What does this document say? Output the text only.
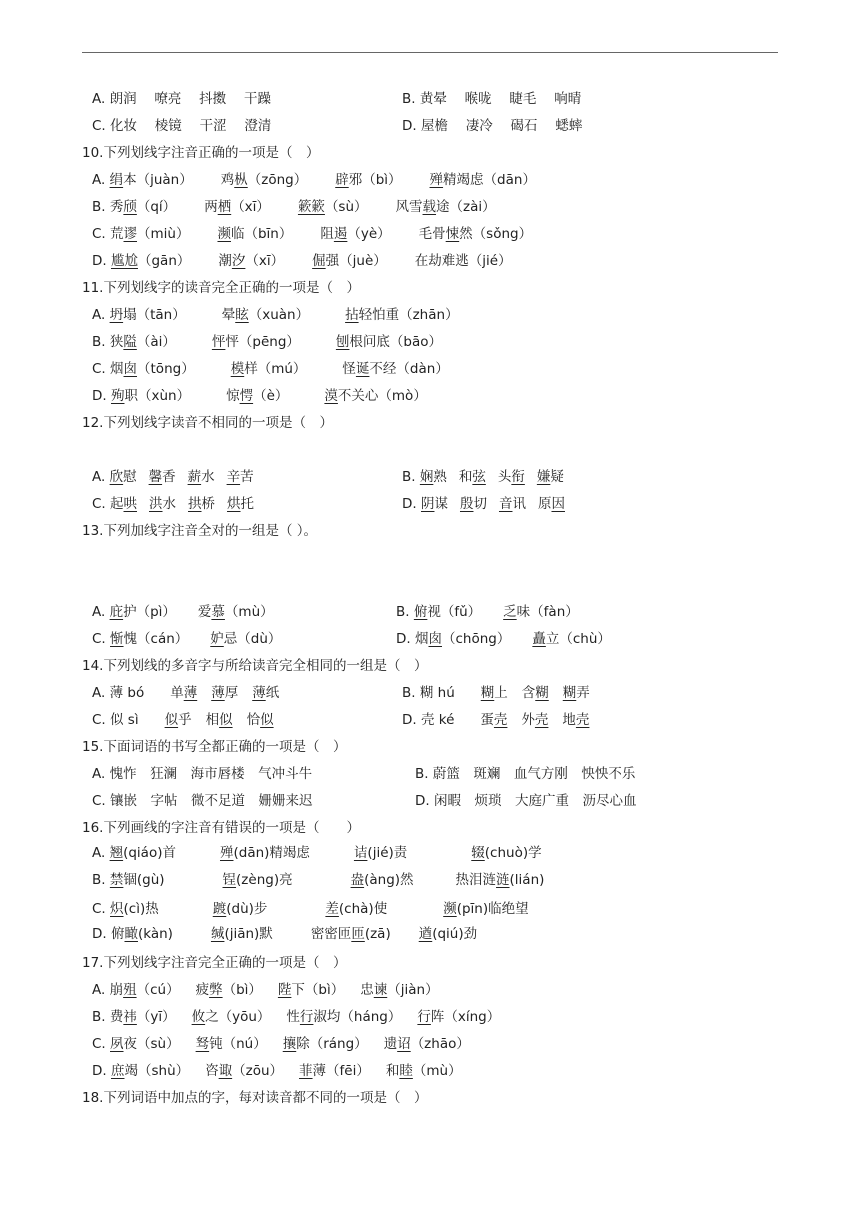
A. 朗润　 嘹亮　 抖擞　 干躁	B. 黄晕　 喉咙　 睫毛　 响晴
C. 化妆　 棱镜　 干涩　 澄清	D. 屋檐　 凄冷　 碣石　 蟋蟀
10.下列划线字注音正确的一项是（　）
A. 绢本（juàn） 鸡枞（zōng） 辟邪（bì） 殚精竭虑（dān）
B. 秀颀（qí） 两栖（xī） 簌簌（sù） 风雪载途（zài）
C. 荒谬（miù） 濒临（bīn） 阻遏（yè） 毛骨悚然（sǒng）
D. 尴尬（gān） 潮汐（xī） 倔强（juè） 在劫难逃（jié）
11.下列划线字的读音完全正确的一项是（　）
A. 坍塌（tān）	晕眩（xuàn）	拈轻怕重（zhān）
B. 狭隘（ài）	怦怦（pēng）	刨根问底（bāo）
C. 烟囱（tōng）	模样（mú）	怪诞不经（dàn）
D. 殉职（xùn）	惊愕（è）	漠不关心（mò）
12.下列划线字读音不相同的一项是（　）
A. 欣慰 馨香 薪水 辛苦	B. 娴熟 和弦 头衔 嫌疑
C. 起哄 洪水 拱桥 烘托	D. 阴谋 殷切 音讯 原因
13.下列加线字注音全对的一组是（ ）。
A. 庇护（pì） 爱慕（mù）	B. 俯视（fǔ） 乏味（fàn）
C. 惭愧（cán） 妒忌（dù）	D. 烟囱（chōng） 矗立（chù）
14.下列划线的多音字与所给读音完全相同的一组是（　）
A. 薄 bó 单薄 薄厚 薄纸	B. 糊 hú 糊上 含糊 糊弄
C. 似 sì 似乎 相似 恰似	D. 壳 ké 蛋壳 外壳 地壳
15.下面词语的书写全都正确的一项是（　）
A. 愧怍　狂澜　海市唇楼　气冲斗牛	B. 蔚篮　斑斓　血气方刚　怏怏不乐
C. 镶嵌　字帖　微不足道　姗姗来迟	D. 闲暇　烦琐　大庭广重　沥尽心血
16.下列画线的字注音有错误的一项是（　　）
A. 翘(qiáo)首	殚(dān)精竭虑	诘(jié)责	辍(chuò)学
B. 禁锢(gù)	锃(zèng)亮	盎(àng)然	热泪涟涟(lián)
C. 炽(cì)热	踱(dù)步	差(chà)使	濒(pīn)临绝望
D. 俯瞰(kàn)	缄(jiān)默	密密匝匝(zā) 遒(qiú)劲
17.下列划线字注音完全正确的一项是（　）
A. 崩殂（cú） 疲弊（bì） 陛下（bì） 忠谏（jiàn）
B. 费祎（yī） 攸之（yōu） 性行淑均（háng） 行阵（xíng）
C. 夙夜（sù） 驽钝（nú） 攘除（ráng） 遗诏（zhāo）
D. 庶竭（shù） 咨诹（zōu） 菲薄（fēi） 和睦（mù）
18.下列词语中加点的字，每对读音都不同的一项是（　）
